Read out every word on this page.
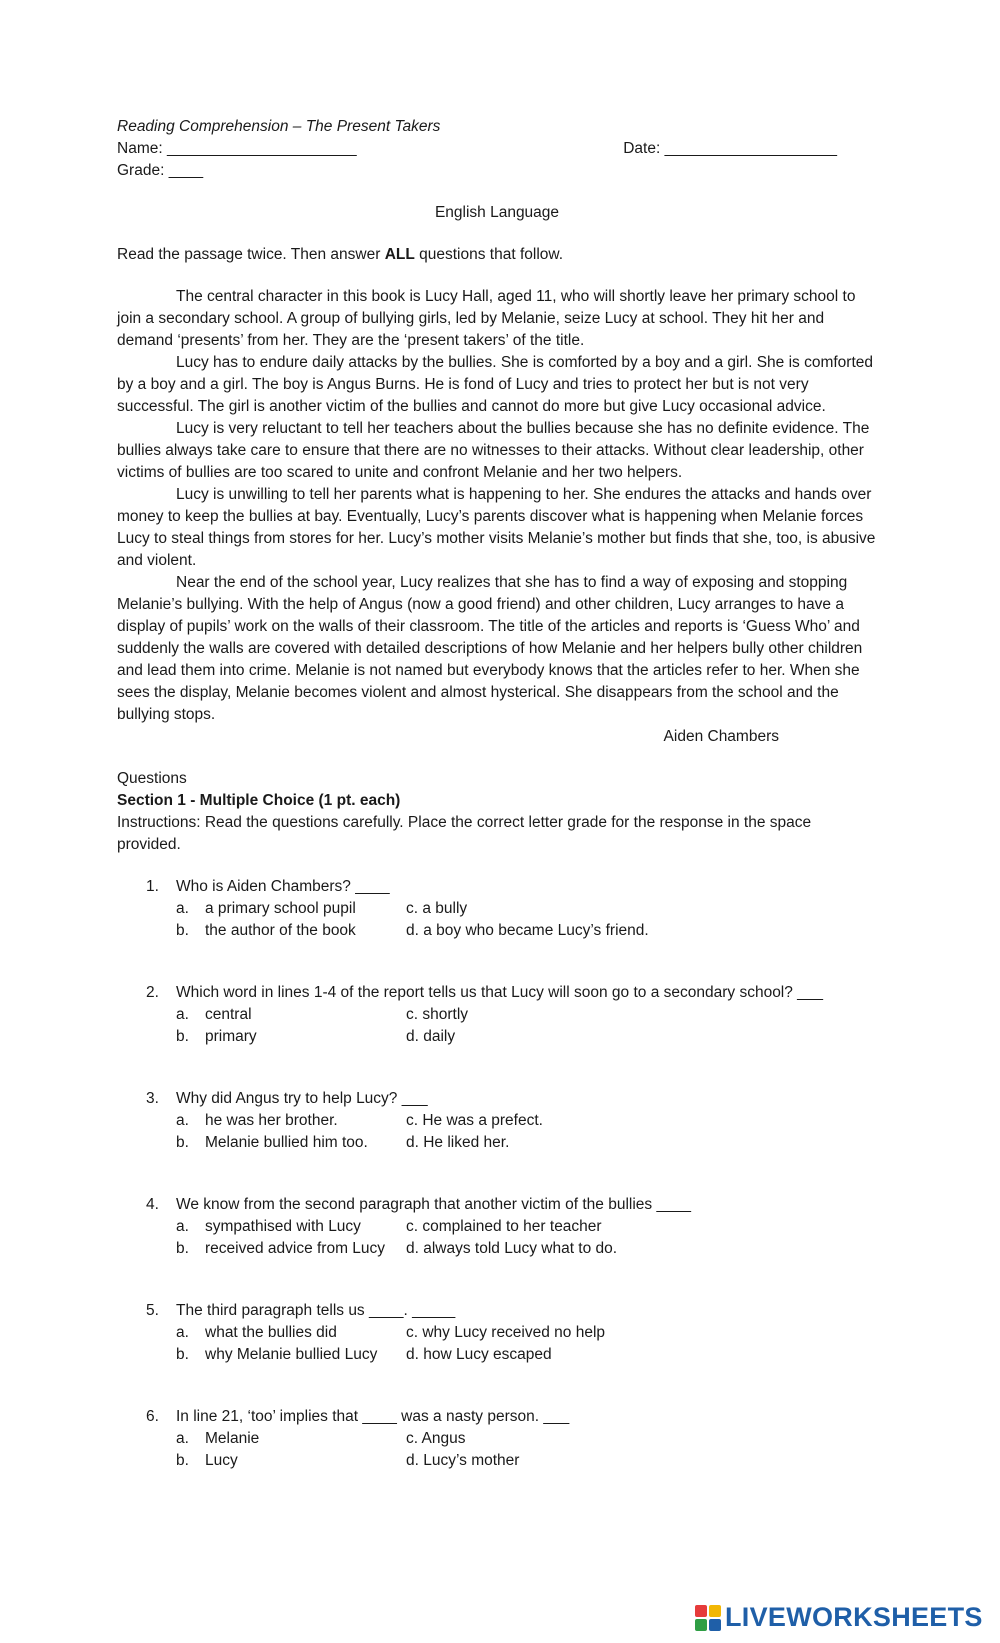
Reading Comprehension – The Present Takers
Name: ______________________	Date: ____________________
Grade: ____
English Language
Read the passage twice. Then answer ALL questions that follow.

The central character in this book is Lucy Hall, aged 11, who will shortly leave her primary school to join a secondary school. A group of bullying girls, led by Melanie, seize Lucy at school. They hit her and demand ‘presents’ from her. They are the ‘present takers’ of the title.

Lucy has to endure daily attacks by the bullies. She is comforted by a boy and a girl. She is comforted by a boy and a girl. The boy is Angus Burns. He is fond of Lucy and tries to protect her but is not very successful. The girl is another victim of the bullies and cannot do more but give Lucy occasional advice.

Lucy is very reluctant to tell her teachers about the bullies because she has no definite evidence. The bullies always take care to ensure that there are no witnesses to their attacks. Without clear leadership, other victims of bullies are too scared to unite and confront Melanie and her two helpers.

Lucy is unwilling to tell her parents what is happening to her. She endures the attacks and hands over money to keep the bullies at bay. Eventually, Lucy’s parents discover what is happening when Melanie forces Lucy to steal things from stores for her. Lucy’s mother visits Melanie’s mother but finds that she, too, is abusive and violent.

Near the end of the school year, Lucy realizes that she has to find a way of exposing and stopping Melanie’s bullying. With the help of Angus (now a good friend) and other children, Lucy arranges to have a display of pupils’ work on the walls of their classroom. The title of the articles and reports is ‘Guess Who’ and suddenly the walls are covered with detailed descriptions of how Melanie and her helpers bully other children and lead them into crime. Melanie is not named but everybody knows that the articles refer to her. When she sees the display, Melanie becomes violent and almost hysterical. She disappears from the school and the bullying stops.

Aiden Chambers
Questions
Section 1 - Multiple Choice (1 pt. each)
Instructions: Read the questions carefully. Place the correct letter grade for the response in the space provided.
1.	Who is Aiden Chambers? ____
a.	a primary school pupil	c. a bully
b.	the author of the book	d. a boy who became Lucy’s friend.
2.	Which word in lines 1-4 of the report tells us that Lucy will soon go to a secondary school? ___
a.	central	c. shortly
b.	primary	d. daily
3.	Why did Angus try to help Lucy? ___
a.	he was her brother.	c. He was a prefect.
b.	Melanie bullied him too. d. He liked her.
4.	We know from the second paragraph that another victim of the bullies ____
a.	sympathised with Lucy	c. complained to her teacher
b.	received advice from Lucy d. always told Lucy what to do.
5.	The third paragraph tells us ____. _____
a.	what the bullies did	c. why Lucy received no help
b.	why Melanie bullied Lucy d. how Lucy escaped
6.	In line 21, ‘too’ implies that ____ was a nasty person. ___
a.	Melanie	c. Angus
b.	Lucy	d. Lucy’s mother
LIVEWORKSHEETS
